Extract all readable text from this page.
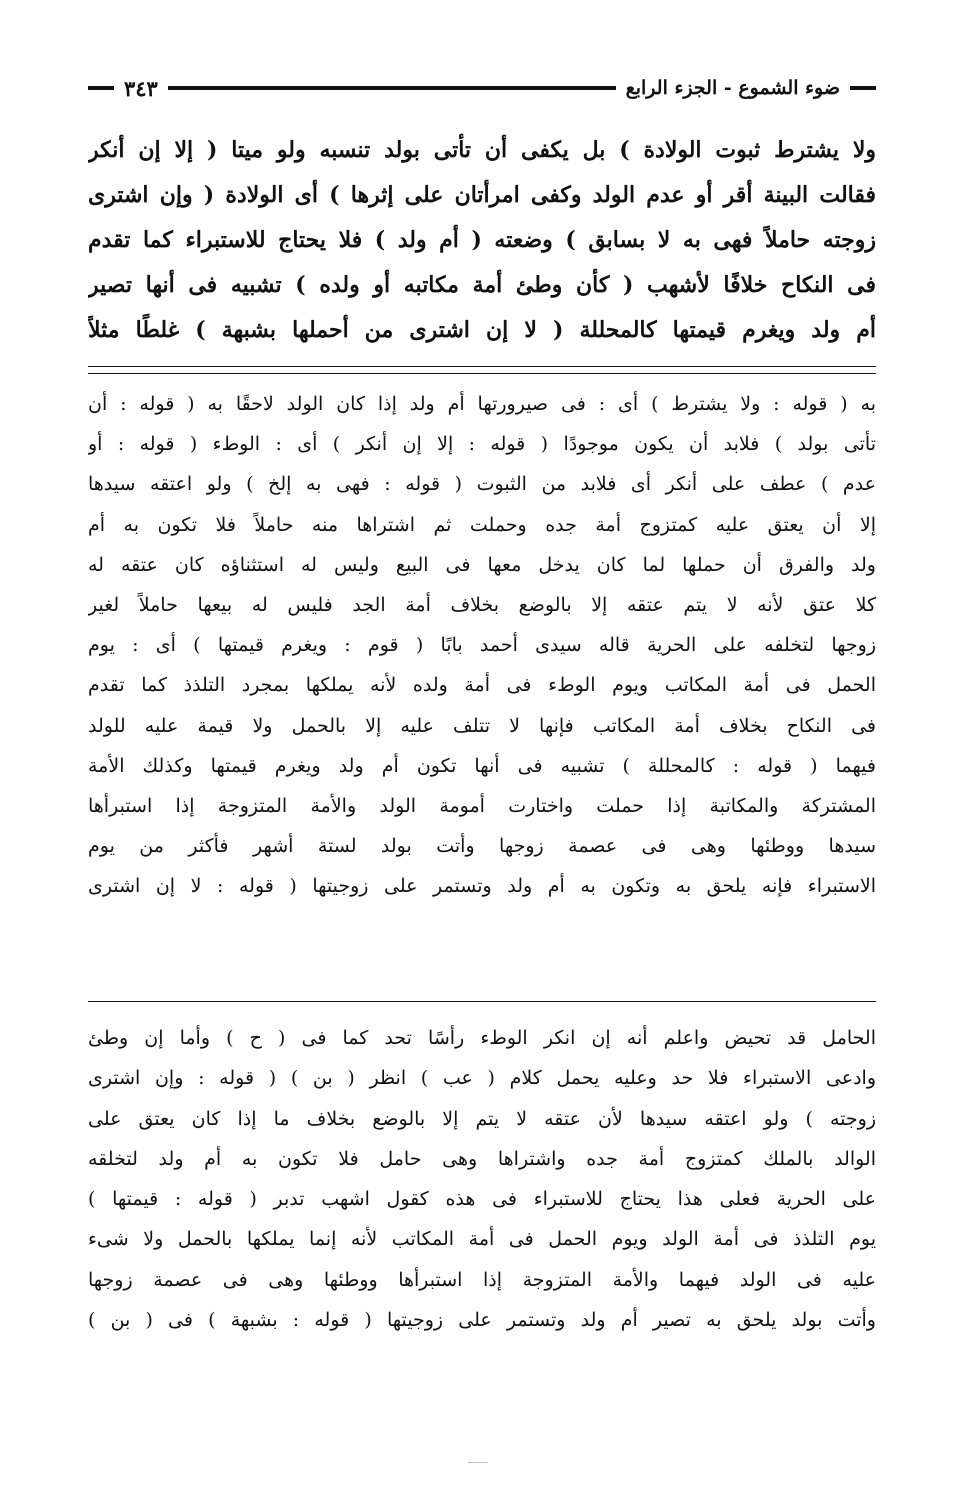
ضوء الشموع - الجزء الرابع
٣٤٣
ولا يشترط ثبوت الولادة ) بل يكفى أن تأتى بولد تنسبه ولو ميتا ( إلا إن أنكر
فقالت البينة أقر أو عدم الولد وكفى امرأتان على إثرها ) أى الولادة ( وإن اشترى
زوجته حاملاً فهى به لا بسابق ) وضعته ( أم ولد ) فلا يحتاج للاستبراء كما تقدم
فى النكاح خلافًا لأشهب ( كأن وطئ أمة مكاتبه أو ولده ) تشبيه فى أنها تصير
أم ولد ويغرم قيمتها كالمحللة ( لا إن اشترى من أحملها بشبهة ) غلطًا مثلاً
به ( قوله : ولا يشترط ) أى : فى صيرورتها أم ولد إذا كان الولد لاحقًا به ( قوله : أن
تأتى بولد ) فلابد أن يكون موجودًا ( قوله : إلا إن أنكر ) أى : الوطء ( قوله : أو
عدم ) عطف على أنكر أى فلابد من الثبوت ( قوله : فهى به إلخ ) ولو اعتقه سيدها
إلا أن يعتق عليه كمتزوج أمة جده وحملت ثم اشتراها منه حاملاً فلا تكون به أم
ولد والفرق أن حملها لما كان يدخل معها فى البيع وليس له استثناؤه كان عتقه له
كلا عتق لأنه لا يتم عتقه إلا بالوضع بخلاف أمة الجد فليس له بيعها حاملاً لغير
زوجها لتخلفه على الحرية قاله سيدى أحمد بابًا ( قوم : ويغرم قيمتها ) أى : يوم
الحمل فى أمة المكاتب ويوم الوطء فى أمة ولده لأنه يملكها بمجرد التلذذ كما تقدم
فى النكاح بخلاف أمة المكاتب فإنها لا تتلف عليه إلا بالحمل ولا قيمة عليه للولد
فيهما ( قوله : كالمحللة ) تشبيه فى أنها تكون أم ولد ويغرم قيمتها وكذلك الأمة
المشتركة والمكاتبة إذا حملت واختارت أمومة الولد والأمة المتزوجة إذا استبرأها
سيدها ووطئها وهى فى عصمة زوجها وأتت بولد لستة أشهر فأكثر من يوم
الاستبراء فإنه يلحق به وتكون به أم ولد وتستمر على زوجيتها ( قوله : لا إن اشترى
الحامل قد تحيض واعلم أنه إن انكر الوطء رأسًا تحد كما فى ( ح ) وأما إن وطئ
وادعى الاستبراء فلا حد وعليه يحمل كلام ( عب ) انظر ( بن ) ( قوله : وإن اشترى
زوجته ) ولو اعتقه سيدها لأن عتقه لا يتم إلا بالوضع بخلاف ما إذا كان يعتق على
الوالد بالملك كمتزوج أمة جده واشتراها وهى حامل فلا تكون به أم ولد لتخلقه
على الحرية فعلى هذا يحتاج للاستبراء فى هذه كقول اشهب تدبر ( قوله : قيمتها )
يوم التلذذ فى أمة الولد ويوم الحمل فى أمة المكاتب لأنه إنما يملكها بالحمل ولا شىء
عليه فى الولد فيهما والأمة المتزوجة إذا استبرأها ووطئها وهى فى عصمة زوجها
وأتت بولد يلحق به تصير أم ولد وتستمر على زوجيتها ( قوله : بشبهة ) فى ( بن )
